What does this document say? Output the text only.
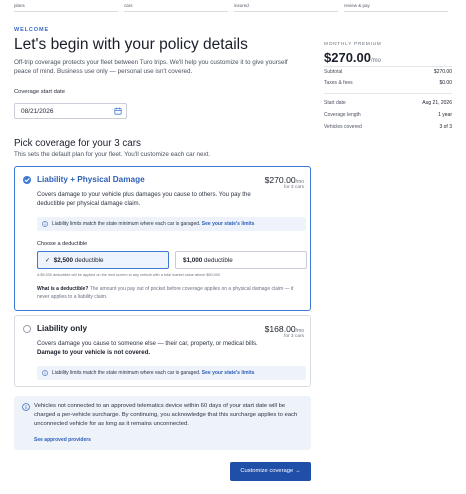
plans	cars	insured	review & pay
WELCOME
Let's begin with your policy details
Off-trip coverage protects your fleet between Turo trips. We'll help you customize it to give yourself peace of mind. Business use only — personal use isn't covered.
Coverage start date
08/21/2026
Pick coverage for your 3 cars
This sets the default plan for your fleet. You'll customize each car next.
Liability + Physical Damage	$270.00/mo
for 3 cars
Covers damage to your vehicle plus damages you cause to others. You pay the deductible per physical damage claim.
Liability limits match the state minimum where each car is garaged. See your state's limits
Choose a deductible
✓ $2,500 deductible	$1,000 deductible
A $5,000 deductible will be applied on the next screen to any vehicle with a total market value above $50,000
What is a deductible? The amount you pay out of pocket before coverage applies on a physical damage claim — it never applies to a liability claim.
Liability only	$168.00/mo
for 3 cars
Covers damage you cause to someone else — their car, property, or medical bills. Damage to your vehicle is not covered.
Liability limits match the state minimum where each car is garaged. See your state's limits
Vehicles not connected to an approved telematics device within 60 days of your start date will be charged a per-vehicle surcharge. By continuing, you acknowledge that this surcharge applies to each unconnected vehicle for as long as it remains unconnected.
See approved providers
Customize coverage →
MONTHLY PREMIUM
$270.00/mo
Subtotal	$270.00
Taxes & fees	$0.00
Start date	Aug 21, 2026
Coverage length	1 year
Vehicles covered	3 of 3
